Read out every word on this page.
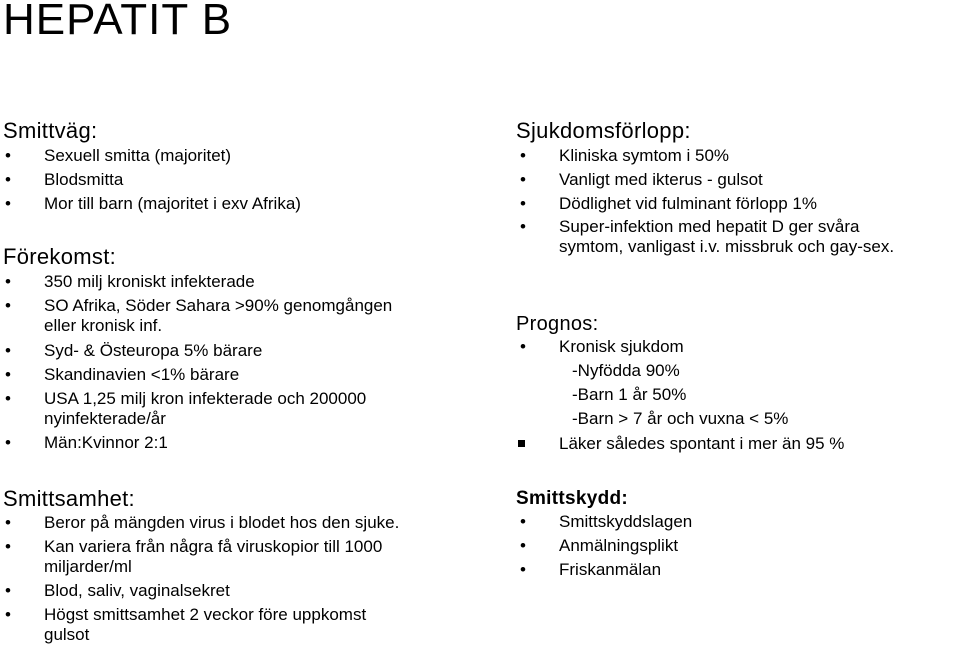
HEPATIT B
Smittväg:
• Sexuell smitta (majoritet)
• Blodsmitta
• Mor till barn (majoritet i exv Afrika)
Förekomst:
• 350 milj kroniskt infekterade
• SO Afrika, Söder Sahara >90% genomgången
eller kronisk inf.
• Syd- & Östeuropa 5% bärare
• Skandinavien <1% bärare
• USA 1,25 milj kron infekterade och 200000
nyinfekterade/år
• Män:Kvinnor 2:1
Smittsamhet:
• Beror på mängden virus i blodet hos den sjuke.
• Kan variera från några få viruskopior till 1000
miljarder/ml
• Blod, saliv, vaginalsekret
• Högst smittsamhet 2 veckor före uppkomst
gulsot
Sjukdomsförlopp:
• Kliniska symtom i 50%
• Vanligt med ikterus - gulsot
• Dödlighet vid fulminant förlopp 1%
• Super-infektion med hepatit D ger svåra
symtom, vanligast i.v. missbruk och gay-sex.
Prognos:
• Kronisk sjukdom
-Nyfödda 90%
-Barn 1 år 50%
-Barn > 7 år och vuxna < 5%
Läker således spontant i mer än 95 %
Smittskydd:
• Smittskyddslagen
• Anmälningsplikt
• Friskanmälan
